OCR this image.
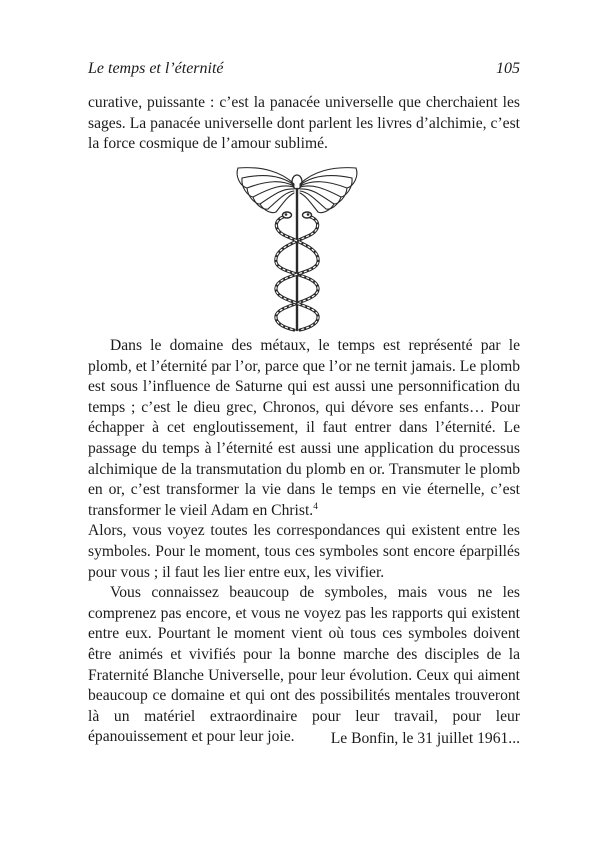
Le temps et l’éternité	105

curative, puissante : c’est la panacée universelle que cherchaient les sages. La panacée universelle dont parlent les livres d’alchimie, c’est la force cosmique de l’amour sublimé.

Dans le domaine des métaux, le temps est représenté par le plomb, et l’éternité par l’or, parce que l’or ne ternit jamais. Le plomb est sous l’influence de Saturne qui est aussi une personnification du temps ; c’est le dieu grec, Chronos, qui dévore ses enfants… Pour échapper à cet engloutissement, il faut entrer dans l’éternité. Le passage du temps à l’éternité est aussi une application du processus alchimique de la transmutation du plomb en or. Transmuter le plomb en or, c’est transformer la vie dans le temps en vie éternelle, c’est transformer le vieil Adam en Christ.$^4$

Alors, vous voyez toutes les correspondances qui existent entre les symboles. Pour le moment, tous ces symboles sont encore éparpillés pour vous ; il faut les lier entre eux, les vivifier.

Vous connaissez beaucoup de symboles, mais vous ne les comprenez pas encore, et vous ne voyez pas les rapports qui existent entre eux. Pourtant le moment vient où tous ces symboles doivent être animés et vivifiés pour la bonne marche des disciples de la Fraternité Blanche Universelle, pour leur évolution. Ceux qui aiment beaucoup ce domaine et qui ont des possibilités mentales trouveront là un matériel extraordinaire pour leur travail, pour leur épanouissement et pour leur joie.	Le Bonfin, le 31 juillet 1961...
